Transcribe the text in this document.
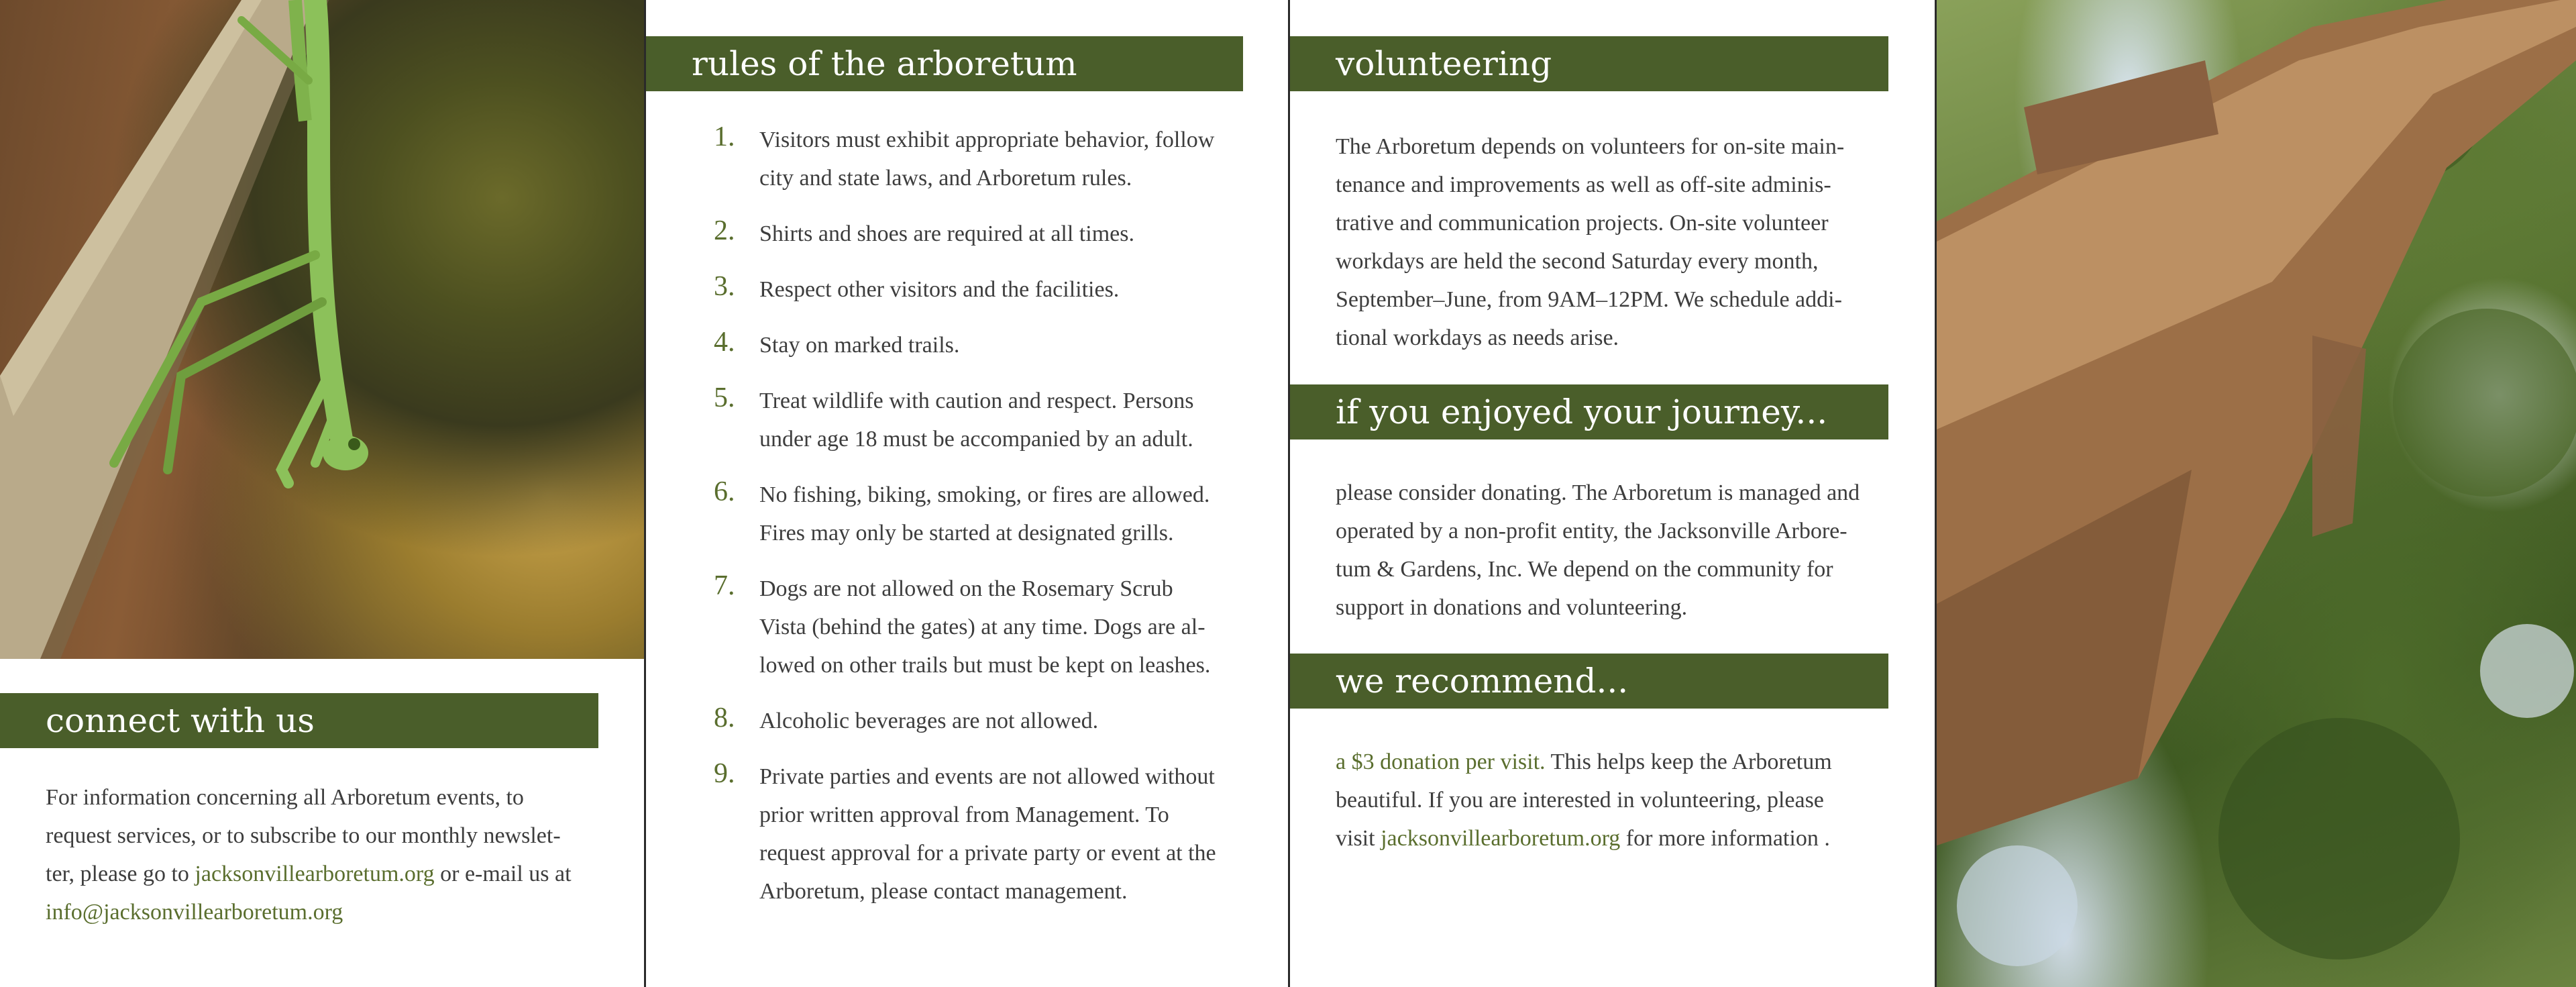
connect with us
For information concerning all Arboretum events, to
request services, or to subscribe to our monthly newslet-
ter, please go to jacksonvillearboretum.org or e-mail us at
info@jacksonvillearboretum.org
rules of the arboretum
1. Visitors must exhibit appropriate behavior, follow
city and state laws, and Arboretum rules.
2. Shirts and shoes are required at all times.
3. Respect other visitors and the facilities.
4. Stay on marked trails.
5. Treat wildlife with caution and respect. Persons
under age 18 must be accompanied by an adult.
6. No fishing, biking, smoking, or fires are allowed.
Fires may only be started at designated grills.
7. Dogs are not allowed on the Rosemary Scrub
Vista (behind the gates) at any time. Dogs are al-
lowed on other trails but must be kept on leashes.
8. Alcoholic beverages are not allowed.
9. Private parties and events are not allowed without
prior written approval from Management. To
request approval for a private party or event at the
Arboretum, please contact management.
volunteering
The Arboretum depends on volunteers for on-site main-
tenance and improvements as well as off-site adminis-
trative and communication projects. On-site volunteer
workdays are held the second Saturday every month,
September–June, from 9AM–12PM. We schedule addi-
tional workdays as needs arise.
if you enjoyed your journey...
please consider donating. The Arboretum is managed and
operated by a non-profit entity, the Jacksonville Arbore-
tum & Gardens, Inc. We depend on the community for
support in donations and volunteering.
we recommend...
a $3 donation per visit. This helps keep the Arboretum
beautiful. If you are interested in volunteering, please
visit jacksonvillearboretum.org for more information .
